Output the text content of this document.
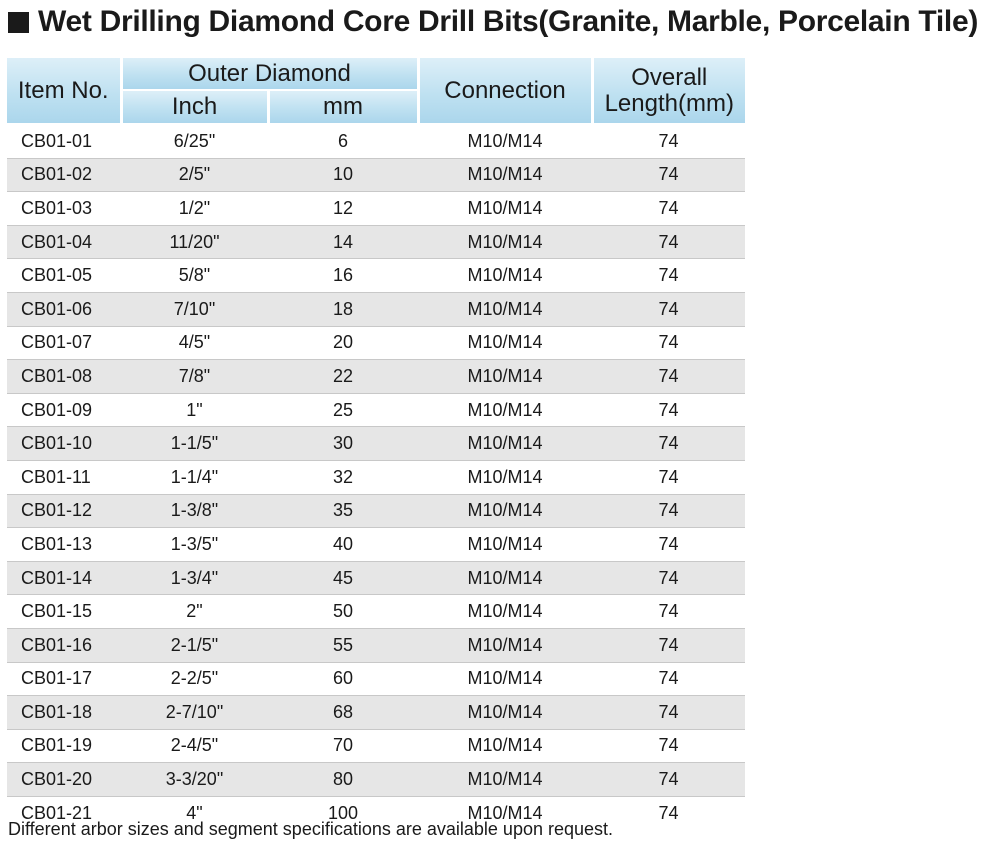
Wet Drilling Diamond Core Drill Bits(Granite, Marble, Porcelain Tile)
Item No.	Outer Diamond		Connection	Overall
Length(mm)
	Inch	mm		
CB01-01	6/25"	6	M10/M14	74
CB01-02	2/5"	10	M10/M14	74
CB01-03	1/2"	12	M10/M14	74
CB01-04	11/20"	14	M10/M14	74
CB01-05	5/8"	16	M10/M14	74
CB01-06	7/10"	18	M10/M14	74
CB01-07	4/5"	20	M10/M14	74
CB01-08	7/8"	22	M10/M14	74
CB01-09	1"	25	M10/M14	74
CB01-10	1-1/5"	30	M10/M14	74
CB01-11	1-1/4"	32	M10/M14	74
CB01-12	1-3/8"	35	M10/M14	74
CB01-13	1-3/5"	40	M10/M14	74
CB01-14	1-3/4"	45	M10/M14	74
CB01-15	2"	50	M10/M14	74
CB01-16	2-1/5"	55	M10/M14	74
CB01-17	2-2/5"	60	M10/M14	74
CB01-18	2-7/10"	68	M10/M14	74
CB01-19	2-4/5"	70	M10/M14	74
CB01-20	3-3/20"	80	M10/M14	74
CB01-21	4"	100	M10/M14	74
Different arbor sizes and segment specifications are available upon request.
